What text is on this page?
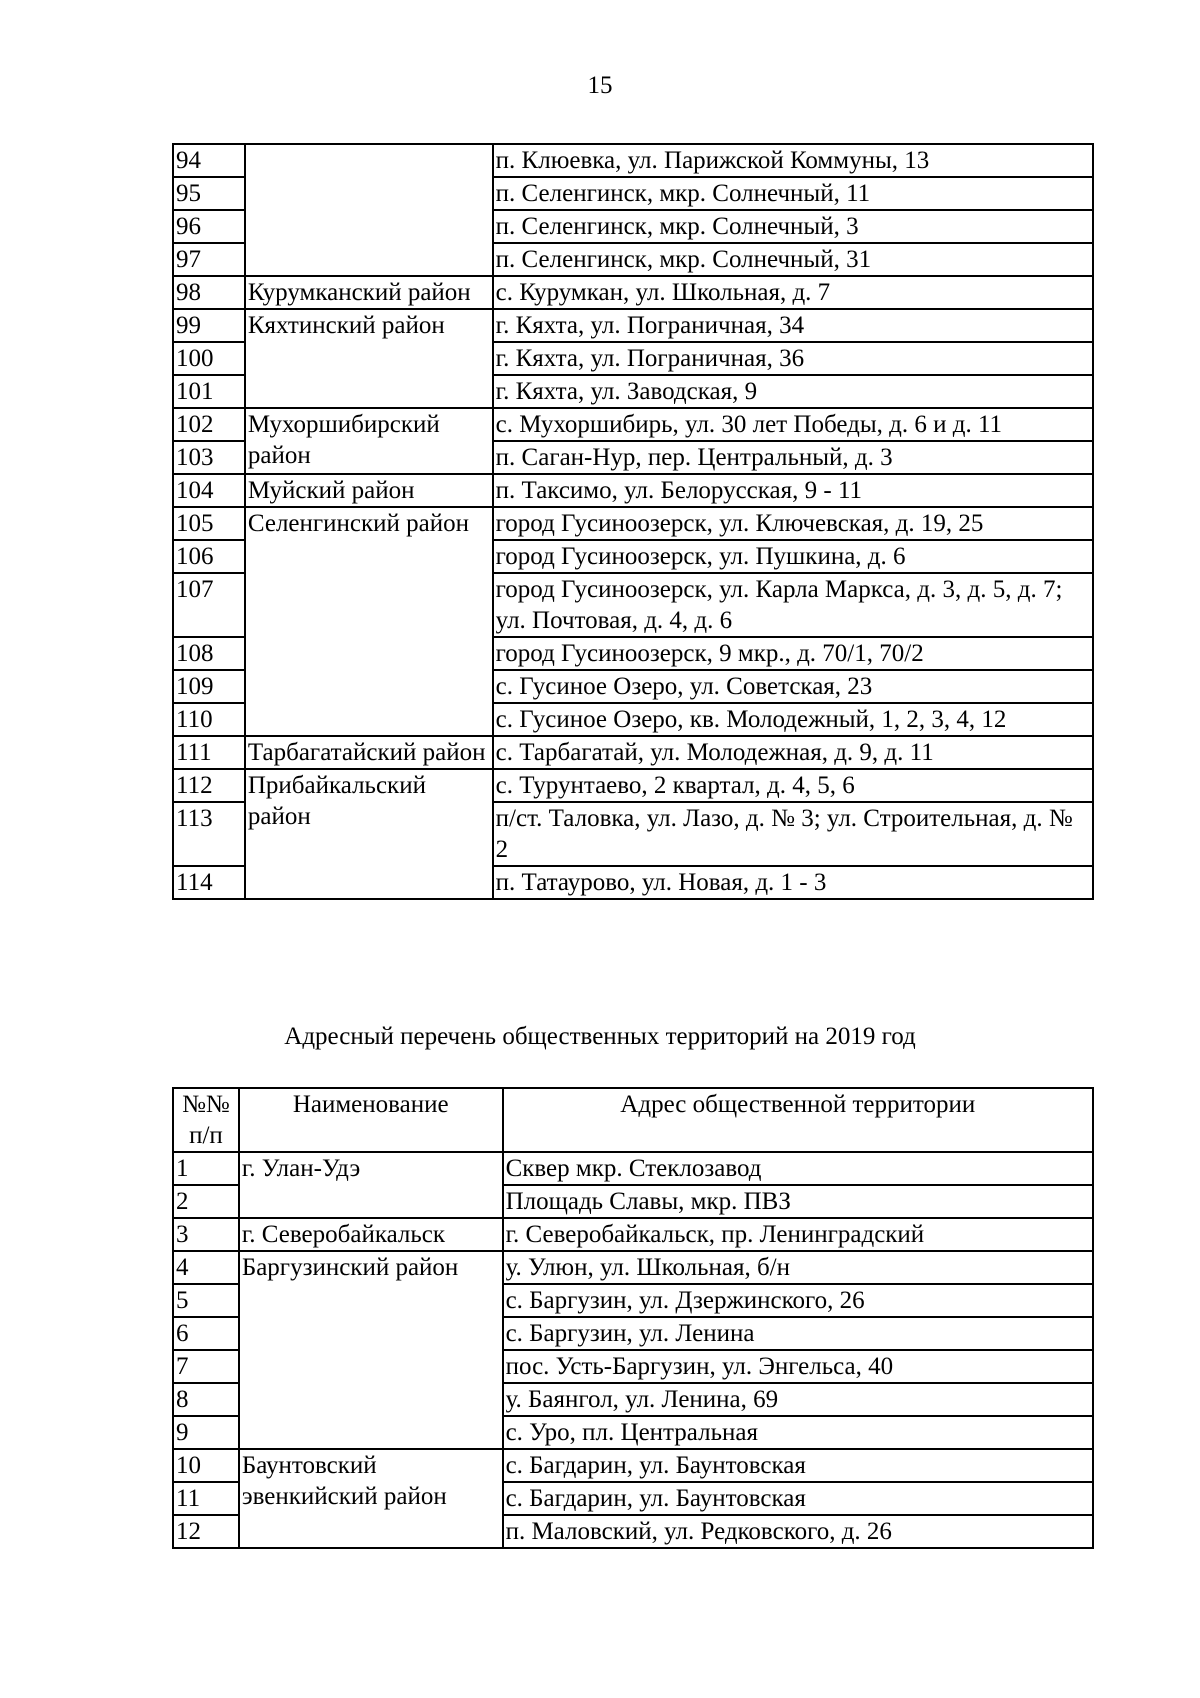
15
94		п. Клюевка, ул. Парижской Коммуны, 13
95		п. Селенгинск, мкр. Солнечный, 11
96		п. Селенгинск, мкр. Солнечный, 3
97		п. Селенгинск, мкр. Солнечный, 31
98	Курумканский район	с. Курумкан, ул. Школьная, д. 7
99	Кяхтинский район	г. Кяхта, ул. Пограничная, 34
100		г. Кяхта, ул. Пограничная, 36
101		г. Кяхта, ул. Заводская, 9
102	Мухоршибирский район	с. Мухоршибирь, ул. 30 лет Победы, д. 6 и д. 11
103		п. Саган-Нур, пер. Центральный, д. 3
104	Муйский район	п. Таксимо, ул. Белорусская, 9 - 11
105	Селенгинский район	город Гусиноозерск, ул. Ключевская, д. 19, 25
106		город Гусиноозерск, ул. Пушкина, д. 6
107		город Гусиноозерск, ул. Карла Маркса, д. 3, д. 5, д. 7; ул. Почтовая, д. 4, д. 6
108		город Гусиноозерск, 9 мкр., д. 70/1, 70/2
109		с. Гусиное Озеро, ул. Советская, 23
110		с. Гусиное Озеро, кв. Молодежный, 1, 2, 3, 4, 12
111	Тарбагатайский район	с. Тарбагатай, ул. Молодежная, д. 9, д. 11
112	Прибайкальский район	с. Турунтаево, 2 квартал, д. 4, 5, 6
113		п/ст. Таловка, ул. Лазо, д. № 3; ул. Строительная, д. № 2
114		п. Татаурово, ул. Новая, д. 1 - 3
Адресный перечень общественных территорий на 2019 год
№№ п/п	Наименование	Адрес общественной территории
1	г. Улан-Удэ	Сквер мкр. Стеклозавод
2		Площадь Славы, мкр. ПВЗ
3	г. Северобайкальск	г. Северобайкальск, пр. Ленинградский
4	Баргузинский район	у. Улюн, ул. Школьная, б/н
5		с. Баргузин, ул. Дзержинского, 26
6		с. Баргузин, ул. Ленина
7		пос. Усть-Баргузин, ул. Энгельса, 40
8		у. Баянгол, ул. Ленина, 69
9		с. Уро, пл. Центральная
10	Баунтовский эвенкийский район	с. Багдарин, ул. Баунтовская
11		с. Багдарин, ул. Баунтовская
12		п. Маловский, ул. Редковского, д. 26
